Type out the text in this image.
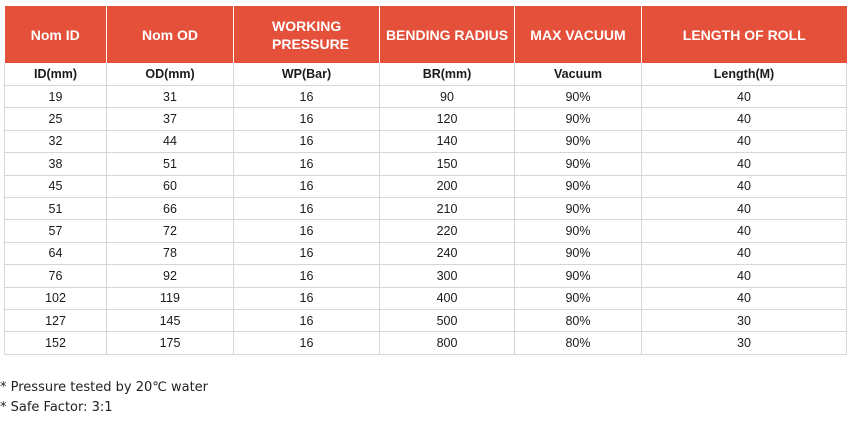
Nom ID	Nom OD	WORKING PRESSURE	BENDING RADIUS	MAX VACUUM	LENGTH OF ROLL
ID(mm)	OD(mm)	WP(Bar)	BR(mm)	Vacuum	Length(M)
19	31	16	90	90%	40
25	37	16	120	90%	40
32	44	16	140	90%	40
38	51	16	150	90%	40
45	60	16	200	90%	40
51	66	16	210	90%	40
57	72	16	220	90%	40
64	78	16	240	90%	40
76	92	16	300	90%	40
102	119	16	400	90%	40
127	145	16	500	80%	30
152	175	16	800	80%	30
* Pressure tested by 20℃ water
* Safe Factor: 3:1
